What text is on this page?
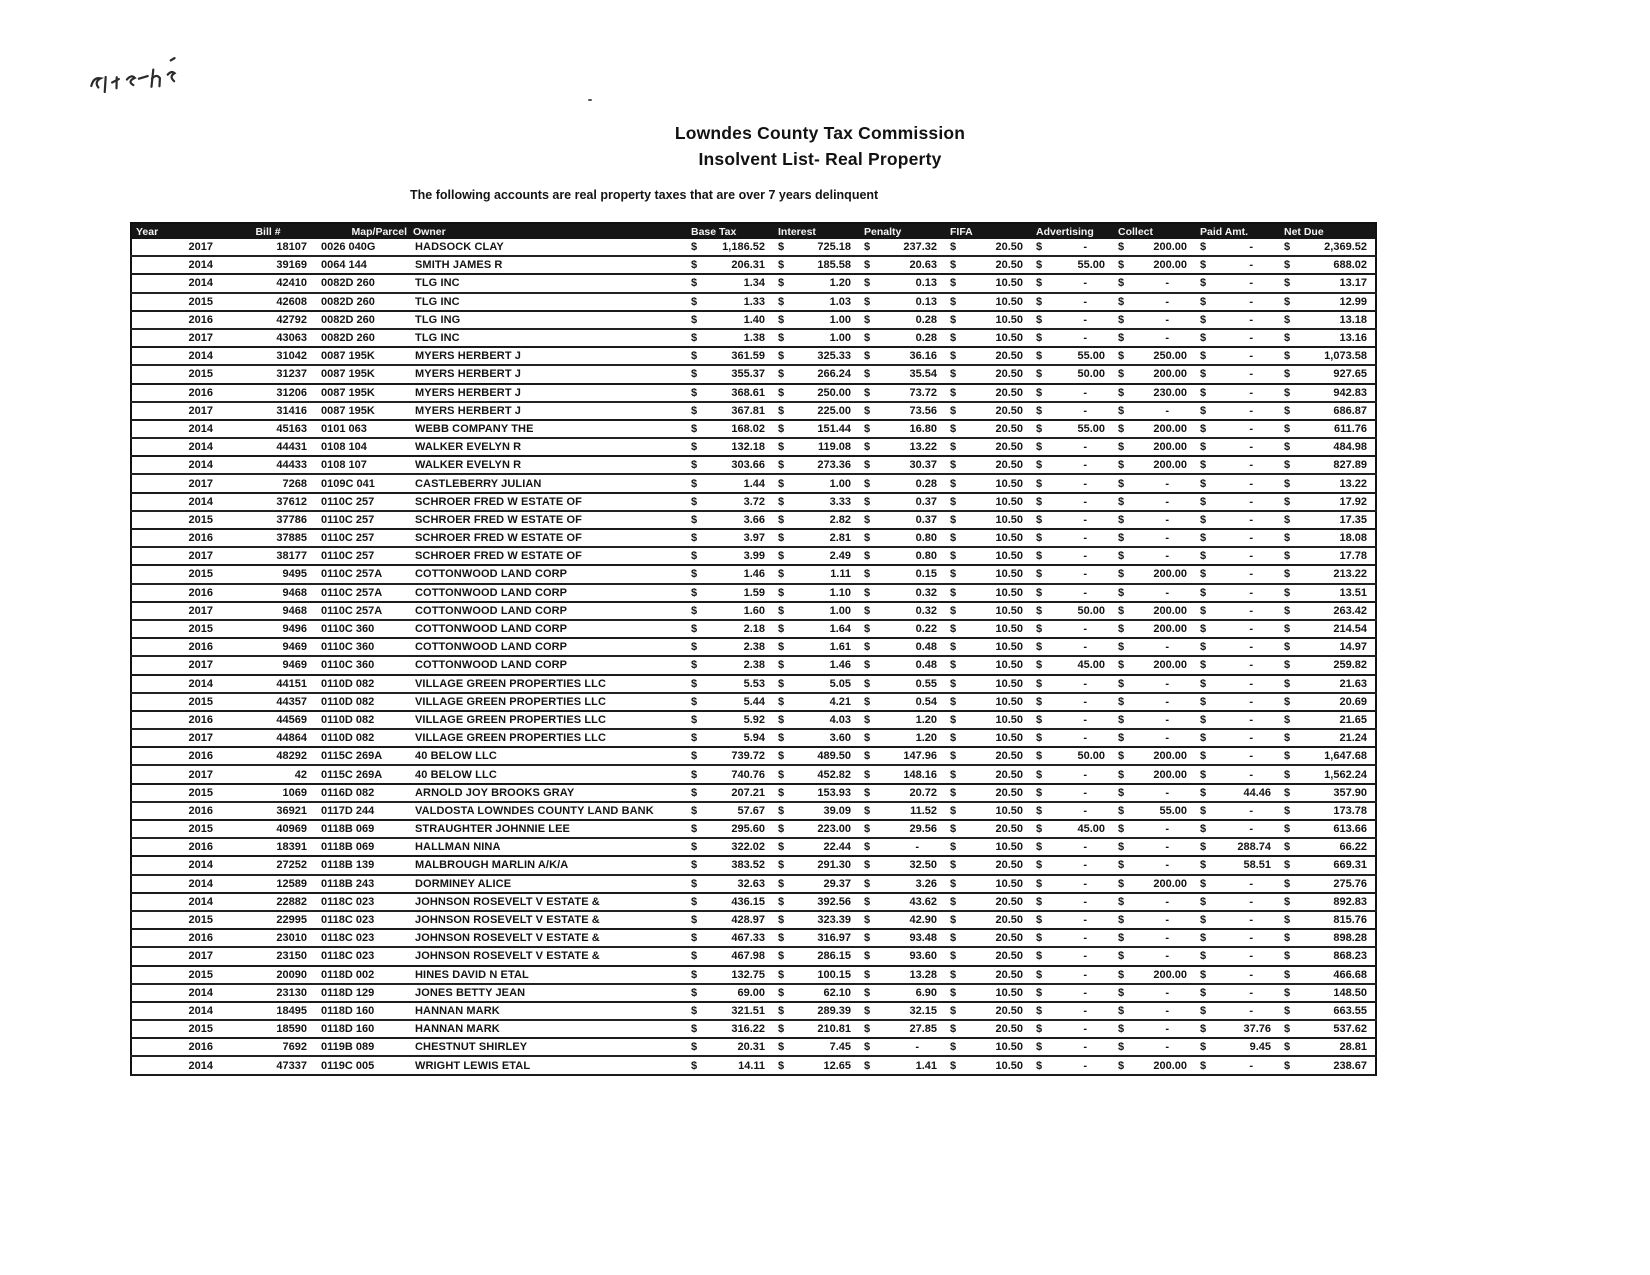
Lowndes County Tax Commission
Insolvent List- Real Property
The following accounts are real property taxes that are over 7 years delinquent
Year	Bill #	Map/Parcel	Owner	Base Tax	Interest	Penalty	FIFA	Advertising	Collect	Paid Amt.	Net Due
2017	18107	0026 040G	HADSOCK CLAY	$ 1,186.52	$ 725.18	$ 237.32	$ 20.50	$ -	$ 200.00	$ -	$ 2,369.52

2014	39169	0064 144	SMITH JAMES R	$ 206.31	$ 185.58	$ 20.63	$ 20.50	$ 55.00	$ 200.00	$ -	$ 688.02

2014	42410	0082D 260	TLG INC	$ 1.34	$ 1.20	$ 0.13	$ 10.50	$ -	$ -	$ -	$ 13.17

2015	42608	0082D 260	TLG INC	$ 1.33	$ 1.03	$ 0.13	$ 10.50	$ -	$ -	$ -	$ 12.99

2016	42792	0082D 260	TLG ING	$ 1.40	$ 1.00	$ 0.28	$ 10.50	$ -	$ -	$ -	$ 13.18

2017	43063	0082D 260	TLG INC	$ 1.38	$ 1.00	$ 0.28	$ 10.50	$ -	$ -	$ -	$ 13.16

2014	31042	0087 195K	MYERS HERBERT J	$ 361.59	$ 325.33	$ 36.16	$ 20.50	$ 55.00	$ 250.00	$ -	$ 1,073.58

2015	31237	0087 195K	MYERS HERBERT J	$ 355.37	$ 266.24	$ 35.54	$ 20.50	$ 50.00	$ 200.00	$ -	$ 927.65

2016	31206	0087 195K	MYERS HERBERT J	$ 368.61	$ 250.00	$ 73.72	$ 20.50	$ -	$ 230.00	$ -	$ 942.83

2017	31416	0087 195K	MYERS HERBERT J	$ 367.81	$ 225.00	$ 73.56	$ 20.50	$ -	$ -	$ -	$ 686.87

2014	45163	0101 063	WEBB COMPANY THE	$ 168.02	$ 151.44	$ 16.80	$ 20.50	$ 55.00	$ 200.00	$ -	$ 611.76

2014	44431	0108 104	WALKER EVELYN R	$ 132.18	$ 119.08	$ 13.22	$ 20.50	$ -	$ 200.00	$ -	$ 484.98

2014	44433	0108 107	WALKER EVELYN R	$ 303.66	$ 273.36	$ 30.37	$ 20.50	$ -	$ 200.00	$ -	$ 827.89

2017	7268	0109C 041	CASTLEBERRY JULIAN	$ 1.44	$ 1.00	$ 0.28	$ 10.50	$ -	$ -	$ -	$ 13.22

2014	37612	0110C 257	SCHROER FRED W ESTATE OF	$ 3.72	$ 3.33	$ 0.37	$ 10.50	$ -	$ -	$ -	$ 17.92

2015	37786	0110C 257	SCHROER FRED W ESTATE OF	$ 3.66	$ 2.82	$ 0.37	$ 10.50	$ -	$ -	$ -	$ 17.35

2016	37885	0110C 257	SCHROER FRED W ESTATE OF	$ 3.97	$ 2.81	$ 0.80	$ 10.50	$ -	$ -	$ -	$ 18.08

2017	38177	0110C 257	SCHROER FRED W ESTATE OF	$ 3.99	$ 2.49	$ 0.80	$ 10.50	$ -	$ -	$ -	$ 17.78

2015	9495	0110C 257A	COTTONWOOD LAND CORP	$ 1.46	$ 1.11	$ 0.15	$ 10.50	$ -	$ 200.00	$ -	$ 213.22

2016	9468	0110C 257A	COTTONWOOD LAND CORP	$ 1.59	$ 1.10	$ 0.32	$ 10.50	$ -	$ -	$ -	$ 13.51

2017	9468	0110C 257A	COTTONWOOD LAND CORP	$ 1.60	$ 1.00	$ 0.32	$ 10.50	$ 50.00	$ 200.00	$ -	$ 263.42

2015	9496	0110C 360	COTTONWOOD LAND CORP	$ 2.18	$ 1.64	$ 0.22	$ 10.50	$ -	$ 200.00	$ -	$ 214.54

2016	9469	0110C 360	COTTONWOOD LAND CORP	$ 2.38	$ 1.61	$ 0.48	$ 10.50	$ -	$ -	$ -	$ 14.97

2017	9469	0110C 360	COTTONWOOD LAND CORP	$ 2.38	$ 1.46	$ 0.48	$ 10.50	$ 45.00	$ 200.00	$ -	$ 259.82

2014	44151	0110D 082	VILLAGE GREEN PROPERTIES LLC	$ 5.53	$ 5.05	$ 0.55	$ 10.50	$ -	$ -	$ -	$ 21.63

2015	44357	0110D 082	VILLAGE GREEN PROPERTIES LLC	$ 5.44	$ 4.21	$ 0.54	$ 10.50	$ -	$ -	$ -	$ 20.69

2016	44569	0110D 082	VILLAGE GREEN PROPERTIES LLC	$ 5.92	$ 4.03	$ 1.20	$ 10.50	$ -	$ -	$ -	$ 21.65

2017	44864	0110D 082	VILLAGE GREEN PROPERTIES LLC	$ 5.94	$ 3.60	$ 1.20	$ 10.50	$ -	$ -	$ -	$ 21.24

2016	48292	0115C 269A	40 BELOW LLC	$ 739.72	$ 489.50	$ 147.96	$ 20.50	$ 50.00	$ 200.00	$ -	$ 1,647.68

2017	42	0115C 269A	40 BELOW LLC	$ 740.76	$ 452.82	$ 148.16	$ 20.50	$ -	$ 200.00	$ -	$ 1,562.24

2015	1069	0116D 082	ARNOLD JOY BROOKS GRAY	$ 207.21	$ 153.93	$ 20.72	$ 20.50	$ -	$ -	$ 44.46	$ 357.90

2016	36921	0117D 244	VALDOSTA LOWNDES COUNTY LAND BANK	$ 57.67	$ 39.09	$ 11.52	$ 10.50	$ -	$ 55.00	$ -	$ 173.78

2015	40969	0118B 069	STRAUGHTER JOHNNIE LEE	$ 295.60	$ 223.00	$ 29.56	$ 20.50	$ 45.00	$ -	$ -	$ 613.66

2016	18391	0118B 069	HALLMAN NINA	$ 322.02	$ 22.44	$ -	$ 10.50	$ -	$ -	$ 288.74	$ 66.22

2014	27252	0118B 139	MALBROUGH MARLIN A/K/A	$ 383.52	$ 291.30	$ 32.50	$ 20.50	$ -	$ -	$ 58.51	$ 669.31

2014	12589	0118B 243	DORMINEY ALICE	$ 32.63	$ 29.37	$ 3.26	$ 10.50	$ -	$ 200.00	$ -	$ 275.76

2014	22882	0118C 023	JOHNSON ROSEVELT V ESTATE &	$ 436.15	$ 392.56	$ 43.62	$ 20.50	$ -	$ -	$ -	$ 892.83

2015	22995	0118C 023	JOHNSON ROSEVELT V ESTATE &	$ 428.97	$ 323.39	$ 42.90	$ 20.50	$ -	$ -	$ -	$ 815.76

2016	23010	0118C 023	JOHNSON ROSEVELT V ESTATE &	$ 467.33	$ 316.97	$ 93.48	$ 20.50	$ -	$ -	$ -	$ 898.28

2017	23150	0118C 023	JOHNSON ROSEVELT V ESTATE &	$ 467.98	$ 286.15	$ 93.60	$ 20.50	$ -	$ -	$ -	$ 868.23

2015	20090	0118D 002	HINES DAVID N ETAL	$ 132.75	$ 100.15	$ 13.28	$ 20.50	$ -	$ 200.00	$ -	$ 466.68

2014	23130	0118D 129	JONES BETTY JEAN	$ 69.00	$ 62.10	$ 6.90	$ 10.50	$ -	$ -	$ -	$ 148.50

2014	18495	0118D 160	HANNAN MARK	$ 321.51	$ 289.39	$ 32.15	$ 20.50	$ -	$ -	$ -	$ 663.55

2015	18590	0118D 160	HANNAN MARK	$ 316.22	$ 210.81	$ 27.85	$ 20.50	$ -	$ -	$ 37.76	$ 537.62

2016	7692	0119B 089	CHESTNUT SHIRLEY	$ 20.31	$ 7.45	$ -	$ 10.50	$ -	$ -	$ 9.45	$ 28.81

2014	47337	0119C 005	WRIGHT LEWIS ETAL	$ 14.11	$ 12.65	$ 1.41	$ 10.50	$ -	$ 200.00	$ -	$ 238.67
